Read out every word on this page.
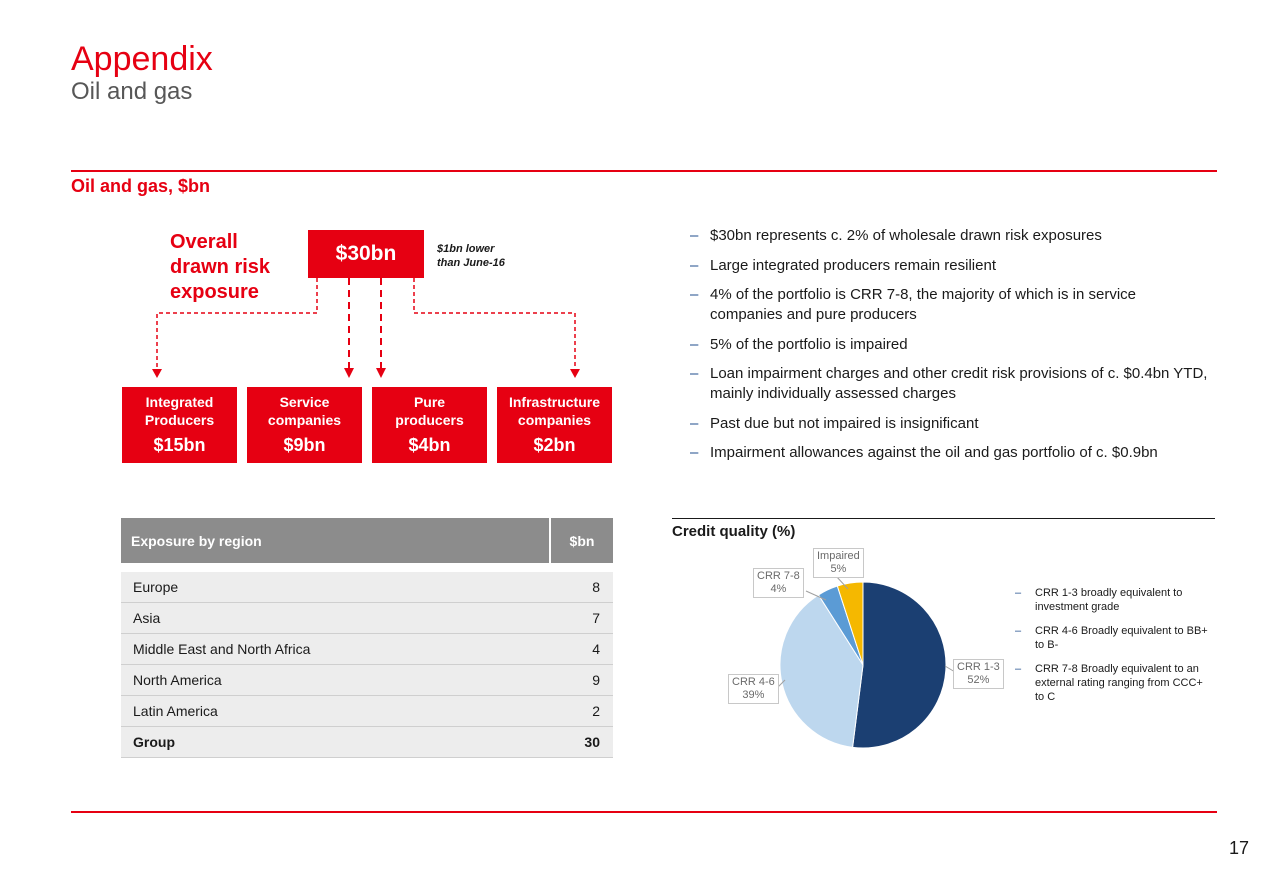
Appendix
Oil and gas
Oil and gas, $bn
Overall
drawn risk
exposure
$30bn	$1bn lower
than June-16
Integrated
Producers
$15bn
Service
companies
$9bn
Pure
producers
$4bn
Infrastructure
companies
$2bn
– $30bn represents c. 2% of wholesale drawn risk exposures
– Large integrated producers remain resilient
– 4% of the portfolio is CRR 7-8, the majority of which is in service companies and pure producers
– 5% of the portfolio is impaired
– Loan impairment charges and other credit risk provisions of c. $0.4bn YTD, mainly individually assessed charges
– Past due but not impaired is insignificant
– Impairment allowances against the oil and gas portfolio of c. $0.9bn
Exposure by region	$bn
Europe	8
Asia	7
Middle East and North Africa	4
North America	9
Latin America	2
Group	30
Credit quality (%)
Impaired
5%
CRR 7-8
4%
CRR 4-6
39%
CRR 1-3
52%
– CRR 1-3 broadly equivalent to investment grade
– CRR 4-6 Broadly equivalent to BB+ to B-
– CRR 7-8 Broadly equivalent to an external rating ranging from CCC+ to C
17
